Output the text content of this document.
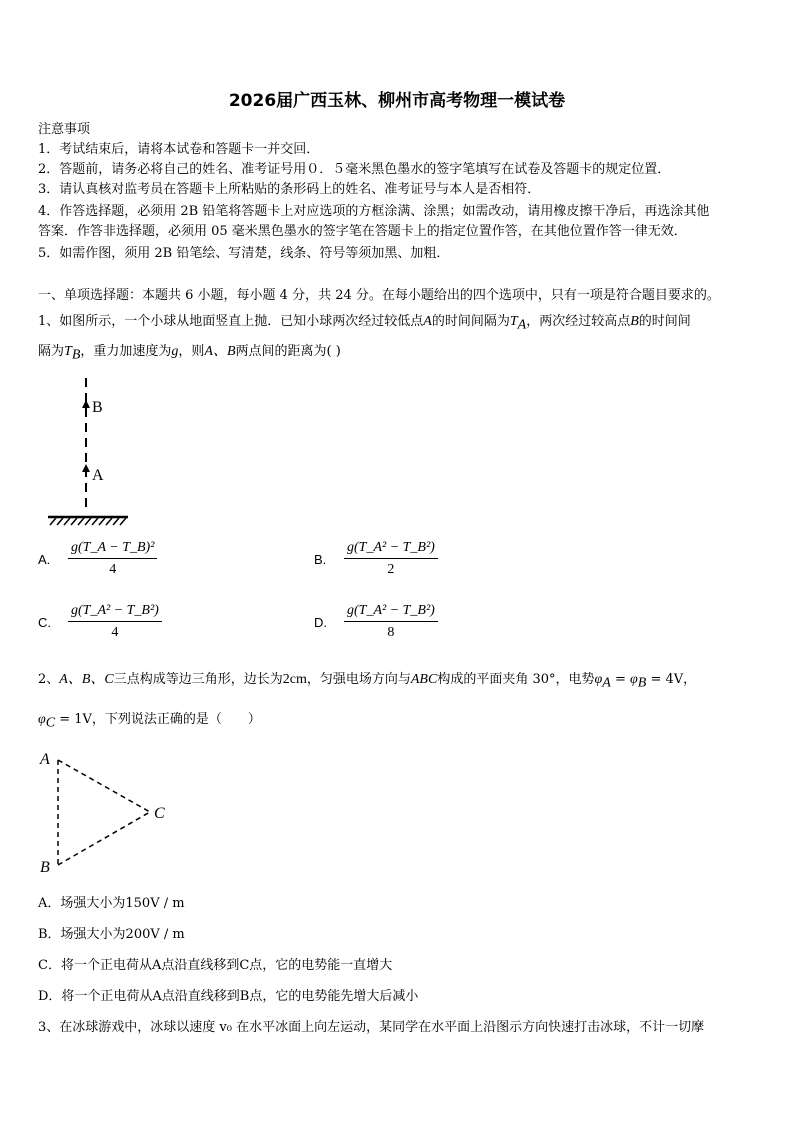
2026届广西玉林、柳州市高考物理一模试卷
注意事项
1．考试结束后，请将本试卷和答题卡一并交回．
2．答题前，请务必将自己的姓名、准考证号用０．５毫米黑色墨水的签字笔填写在试卷及答题卡的规定位置．
3．请认真核对监考员在答题卡上所粘贴的条形码上的姓名、准考证号与本人是否相符．
4．作答选择题，必须用 2B 铅笔将答题卡上对应选项的方框涂满、涂黑；如需改动，请用橡皮擦干净后，再选涂其他
答案．作答非选择题，必须用 05 毫米黑色墨水的签字笔在答题卡上的指定位置作答，在其他位置作答一律无效．
5．如需作图，须用 2B 铅笔绘、写清楚，线条、符号等须加黑、加粗．
一、单项选择题：本题共 6 小题，每小题 4 分，共 24 分。在每小题给出的四个选项中，只有一项是符合题目要求的。
1、如图所示，一个小球从地面竖直上抛．已知小球两次经过较低点A的时间间隔为$T_A$，两次经过较高点B的时间间
隔为$T_B$，重力加速度为g，则A、B两点间的距离为( )
B
A
A. $\frac{\text{g(T\_A − T\_B)²}}{4}$	B. $\frac{\text{g(T\_A² − T\_B²)}}{2}$
C. $\frac{\text{g(T\_A² − T\_B²)}}{4}$	D. $\frac{\text{g(T\_A² − T\_B²)}}{8}$
2、A、B、C三点构成等边三角形，边长为2cm，匀强电场方向与ABC构成的平面夹角 30°，电势$\varphi_A = \varphi_B = 4V$，
$\varphi_C = 1V$，下列说法正确的是（　　）
A
B
C
A．场强大小为150V / m
B．场强大小为200V / m
C．将一个正电荷从A点沿直线移到C点，它的电势能一直增大
D．将一个正电荷从A点沿直线移到B点，它的电势能先增大后减小
3、在冰球游戏中，冰球以速度 v₀ 在水平冰面上向左运动，某同学在水平面上沿图示方向快速打击冰球，不计一切摩
